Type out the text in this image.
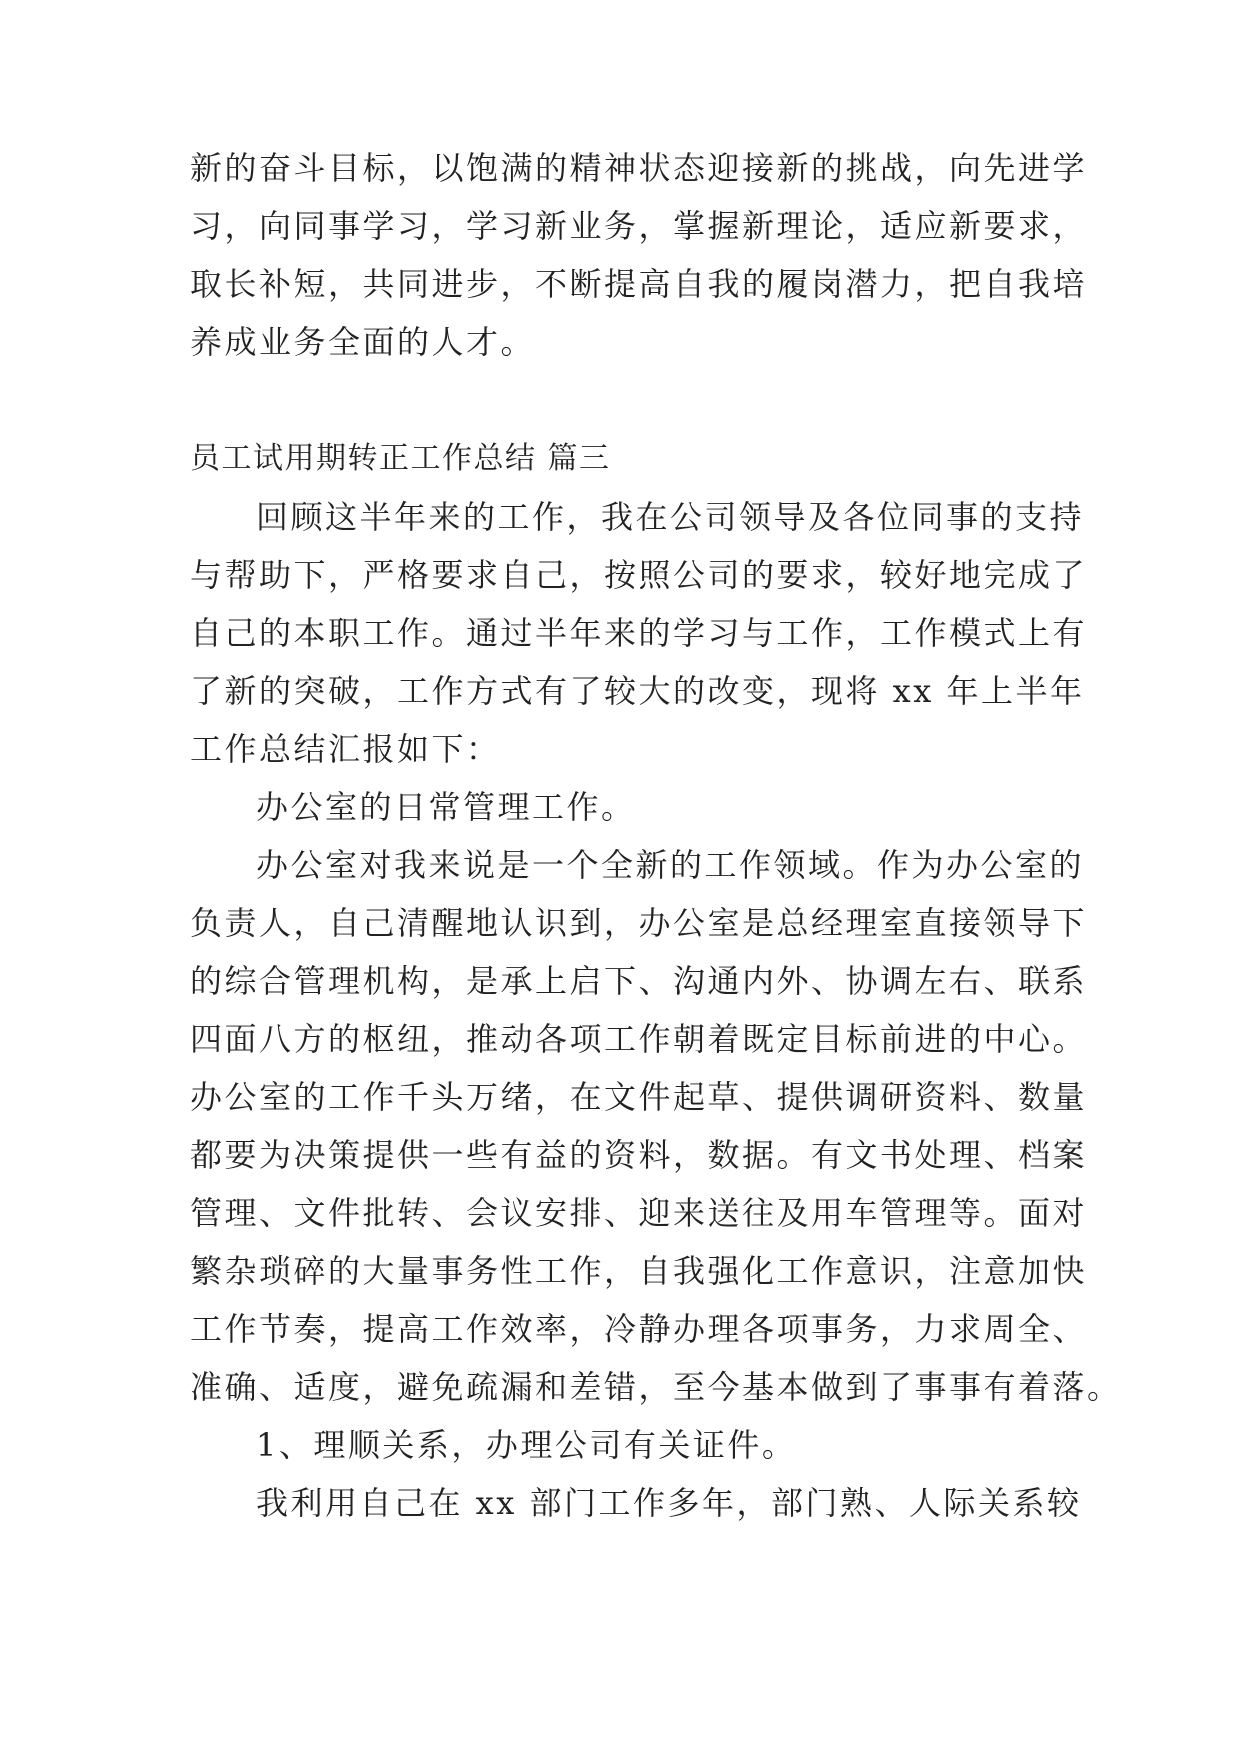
新的奋斗目标，以饱满的精神状态迎接新的挑战，向先进学
习，向同事学习，学习新业务，掌握新理论，适应新要求，
取长补短，共同进步，不断提高自我的履岗潜力，把自我培
养成业务全面的人才。
员工试用期转正工作总结 篇三
回顾这半年来的工作，我在公司领导及各位同事的支持
与帮助下，严格要求自己，按照公司的要求，较好地完成了
自己的本职工作。通过半年来的学习与工作，工作模式上有
了新的突破，工作方式有了较大的改变，现将 xx 年上半年
工作总结汇报如下：
办公室的日常管理工作。
办公室对我来说是一个全新的工作领域。作为办公室的
负责人，自己清醒地认识到，办公室是总经理室直接领导下
的综合管理机构，是承上启下、沟通内外、协调左右、联系
四面八方的枢纽，推动各项工作朝着既定目标前进的中心。
办公室的工作千头万绪，在文件起草、提供调研资料、数量
都要为决策提供一些有益的资料，数据。有文书处理、档案
管理、文件批转、会议安排、迎来送往及用车管理等。面对
繁杂琐碎的大量事务性工作，自我强化工作意识，注意加快
工作节奏，提高工作效率，冷静办理各项事务，力求周全、
准确、适度，避免疏漏和差错，至今基本做到了事事有着落。
1、理顺关系，办理公司有关证件。
我利用自己在 xx 部门工作多年，部门熟、人际关系较
